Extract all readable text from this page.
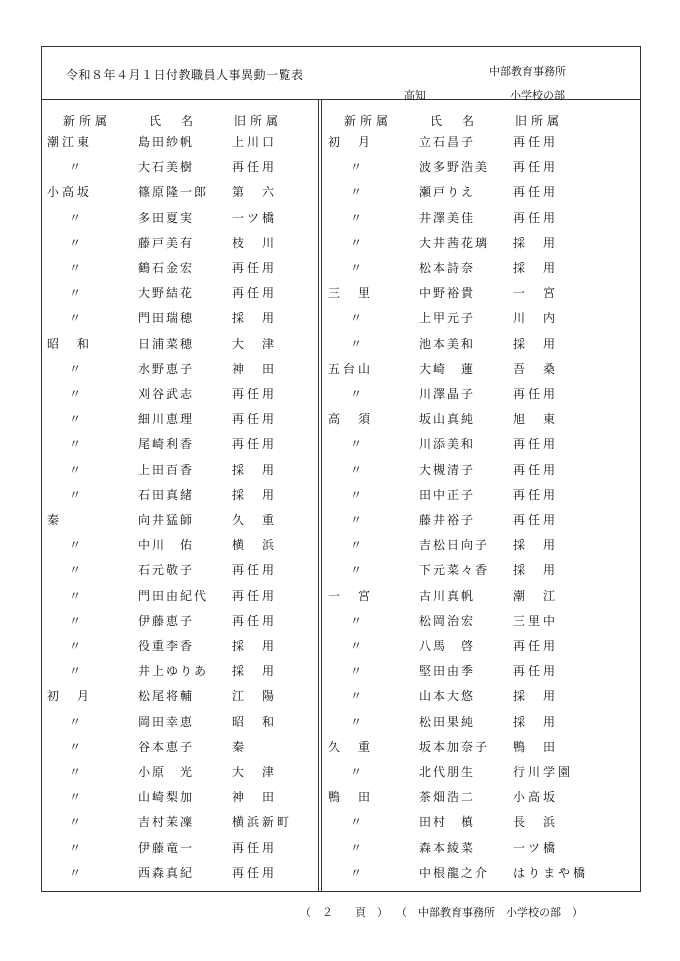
令和８年４月１日付教職員人事異動一覧表	中部教育事務所
高知	小学校の部
新所属	氏　名	旧所属
潮江東	島田紗帆	上川口
〃	大石美樹	再任用
小高坂	篠原隆一郎	第　六
〃	多田夏実	一ツ橋
〃	藤戸美有	枝　川
〃	鶴石金宏	再任用
〃	大野結花	再任用
〃	門田瑞穂	採　用
昭　和	日浦菜穂	大　津
〃	水野恵子	神　田
〃	刈谷武志	再任用
〃	細川恵理	再任用
〃	尾崎利香	再任用
〃	上田百香	採　用
〃	石田真緒	採　用
秦	向井猛師	久　重
〃	中川　佑	横　浜
〃	石元敬子	再任用
〃	門田由紀代	再任用
〃	伊藤恵子	再任用
〃	役重李香	採　用
〃	井上ゆりあ	採　用
初　月	松尾将輔	江　陽
〃	岡田幸恵	昭　和
〃	谷本恵子	秦
〃	小原　光	大　津
〃	山崎梨加	神　田
〃	吉村茉凜	横浜新町
〃	伊藤竜一	再任用
〃	西森真紀	再任用
新所属	氏　名	旧所属
初　月	立石昌子	再任用
〃	波多野浩美	再任用
〃	瀬戸りえ	再任用
〃	井澤美佳	再任用
〃	大井茜花璃	採　用
〃	松本詩奈	採　用
三　里	中野裕貴	一　宮
〃	上甲元子	川　内
〃	池本美和	採　用
五台山	大崎　蓮	吾　桑
〃	川澤晶子	再任用
高　須	坂山真純	旭　東
〃	川添美和	再任用
〃	大槻清子	再任用
〃	田中正子	再任用
〃	藤井裕子	再任用
〃	吉松日向子	採　用
〃	下元菜々香	採　用
一　宮	古川真帆	潮　江
〃	松岡治宏	三里中
〃	八馬　啓	再任用
〃	堅田由季	再任用
〃	山本大悠	採　用
〃	松田果純	採　用
久　重	坂本加奈子	鴨　田
〃	北代朋生	行川学園
鴨　田	茶畑浩二	小高坂
〃	田村　槙	長　浜
〃	森本綾菜	一ツ橋
〃	中根龍之介	はりまや橋
（　２　　頁　） （　中部教育事務所　小学校の部　）
